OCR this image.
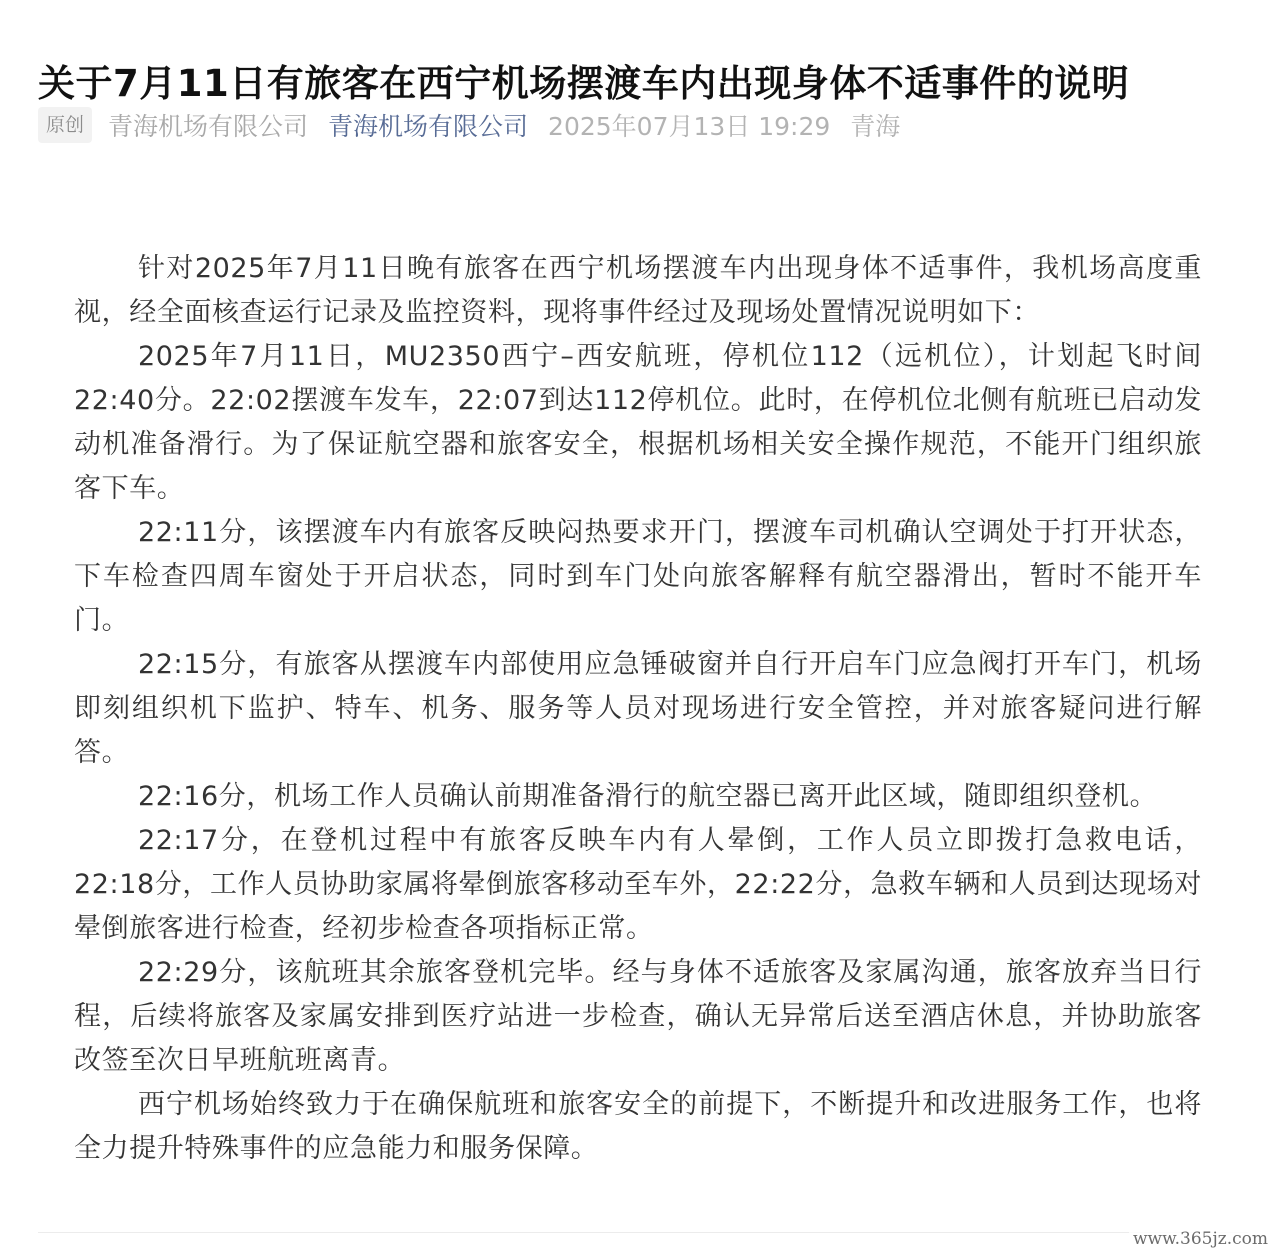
关于7月11日有旅客在西宁机场摆渡车内出现身体不适事件的说明
原创 青海机场有限公司 青海机场有限公司 2025年07月13日 19:29 青海

针对2025年7月11日晚有旅客在西宁机场摆渡车内出现身体不适事件，我机场高度重视，经全面核查运行记录及监控资料，现将事件经过及现场处置情况说明如下：

2025年7月11日，MU2350西宁–西安航班，停机位112（远机位），计划起飞时间22:40分。22:02摆渡车发车，22:07到达112停机位。此时，在停机位北侧有航班已启动发动机准备滑行。为了保证航空器和旅客安全，根据机场相关安全操作规范，不能开门组织旅客下车。

22:11分，该摆渡车内有旅客反映闷热要求开门，摆渡车司机确认空调处于打开状态，下车检查四周车窗处于开启状态，同时到车门处向旅客解释有航空器滑出，暂时不能开车门。

22:15分，有旅客从摆渡车内部使用应急锤破窗并自行开启车门应急阀打开车门，机场即刻组织机下监护、特车、机务、服务等人员对现场进行安全管控，并对旅客疑问进行解答。

22:16分，机场工作人员确认前期准备滑行的航空器已离开此区域，随即组织登机。

22:17分，在登机过程中有旅客反映车内有人晕倒，工作人员立即拨打急救电话，22:18分，工作人员协助家属将晕倒旅客移动至车外，22:22分，急救车辆和人员到达现场对晕倒旅客进行检查，经初步检查各项指标正常。

22:29分，该航班其余旅客登机完毕。经与身体不适旅客及家属沟通，旅客放弃当日行程，后续将旅客及家属安排到医疗站进一步检查，确认无异常后送至酒店休息，并协助旅客改签至次日早班航班离青。

西宁机场始终致力于在确保航班和旅客安全的前提下，不断提升和改进服务工作，也将全力提升特殊事件的应急能力和服务保障。

www.365jz.com
